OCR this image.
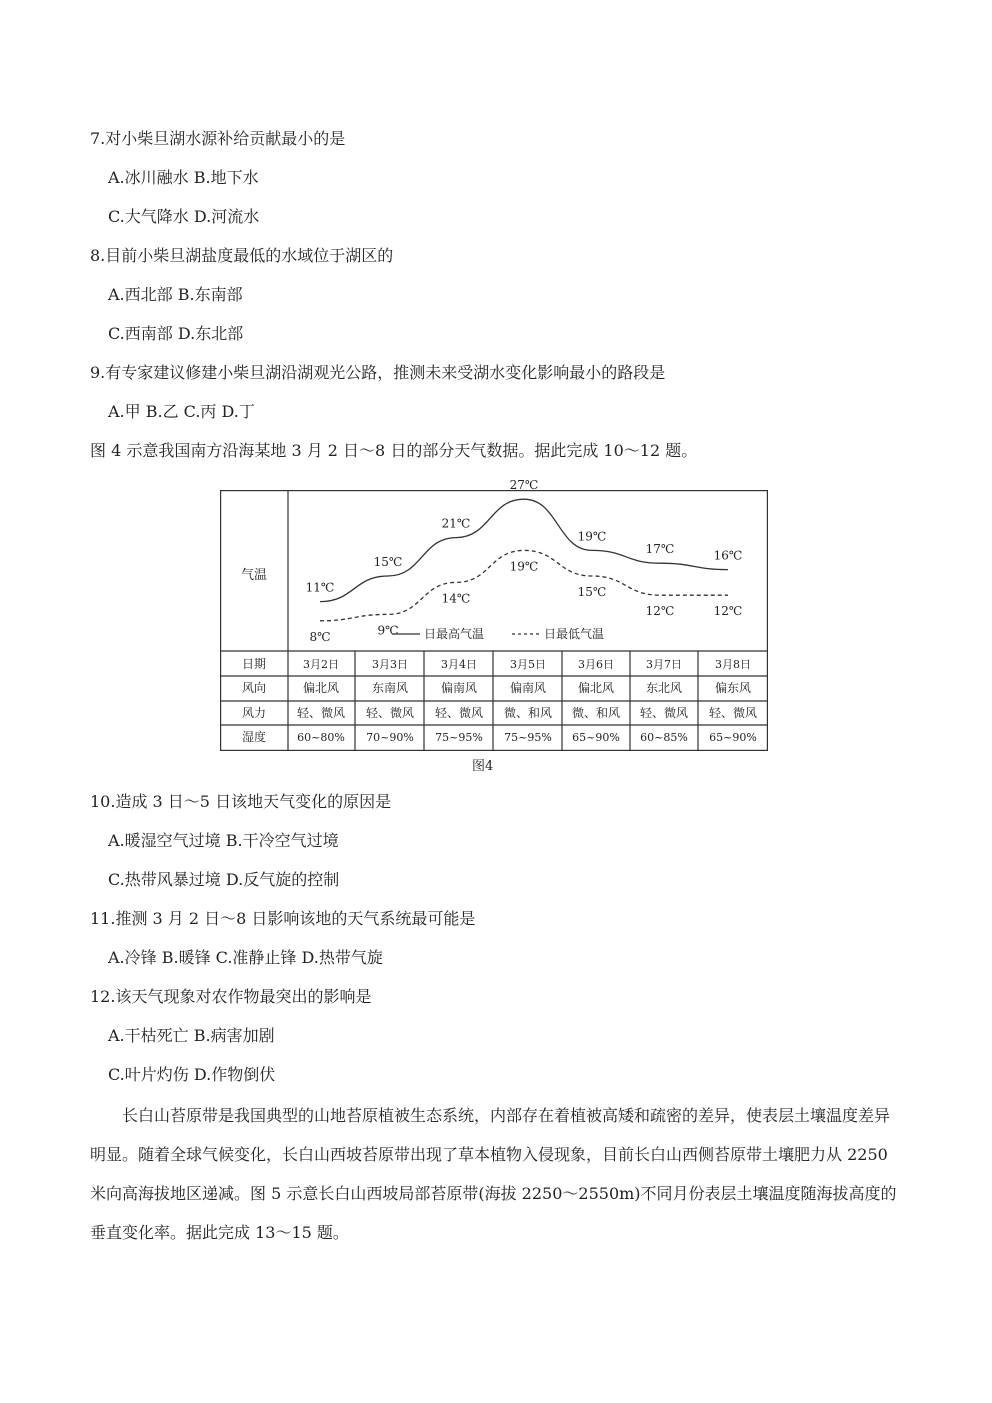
7.对小柴旦湖水源补给贡献最小的是
A.冰川融水 B.地下水
C.大气降水 D.河流水
8.目前小柴旦湖盐度最低的水域位于湖区的
A.西北部 B.东南部
C.西南部 D.东北部
9.有专家建议修建小柴旦湖沿湖观光公路，推测未来受湖水变化影响最小的路段是
A.甲 B.乙 C.丙 D.丁
图 4 示意我国南方沿海某地 3 月 2 日～8 日的部分天气数据。据此完成 10～12 题。
气温
11℃
15℃
21℃
27℃
19℃
17℃	16℃
8℃	9℃
14℃
19℃
15℃
12℃	12℃
日最高气温	日最低气温
日期	3月2日	3月3日	3月4日	3月5日	3月6日	3月7日	3月8日
风向	偏北风	东南风	偏南风	偏南风	偏北风	东北风	偏东风
风力	轻、微风 轻、微风 轻、微风 微、和风 微、和风 轻、微风 轻、微风
湿度	60~80% 70~90% 75~95% 75~95% 65~90% 60~85% 65~90%
图4
10.造成 3 日～5 日该地天气变化的原因是
A.暖湿空气过境 B.干冷空气过境
C.热带风暴过境 D.反气旋的控制
11.推测 3 月 2 日～8 日影响该地的天气系统最可能是
A.冷锋 B.暖锋 C.准静止锋 D.热带气旋
12.该天气现象对农作物最突出的影响是
A.干枯死亡 B.病害加剧
C.叶片灼伤 D.作物倒伏
长白山苔原带是我国典型的山地苔原植被生态系统，内部存在着植被高矮和疏密的差异，使表层土壤温度差异明显。随着全球气候变化，长白山西坡苔原带出现了草本植物入侵现象，目前长白山西侧苔原带土壤肥力从 2250 米向高海拔地区递减。图 5 示意长白山西坡局部苔原带(海拔 2250～2550m)不同月份表层土壤温度随海拔高度的垂直变化率。据此完成 13～15 题。
